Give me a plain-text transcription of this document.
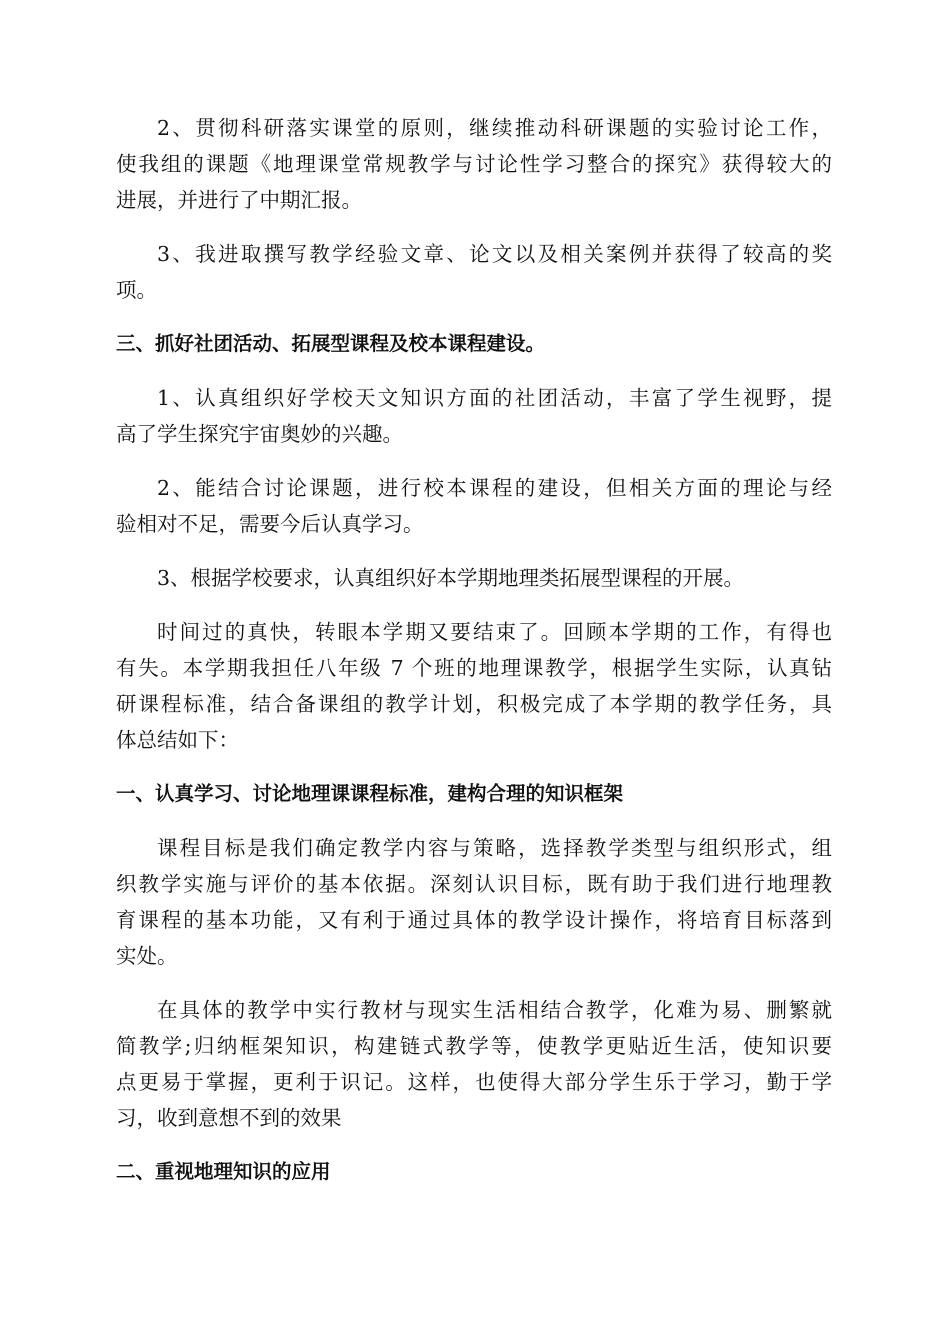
2、贯彻科研落实课堂的原则，继续推动科研课题的实验讨论工作，
使我组的课题《地理课堂常规教学与讨论性学习整合的探究》获得较大的
进展，并进行了中期汇报。
3、我进取撰写教学经验文章、论文以及相关案例并获得了较高的奖
项。
三、抓好社团活动、拓展型课程及校本课程建设。
1、认真组织好学校天文知识方面的社团活动，丰富了学生视野，提
高了学生探究宇宙奥妙的兴趣。
2、能结合讨论课题，进行校本课程的建设，但相关方面的理论与经
验相对不足，需要今后认真学习。
3、根据学校要求，认真组织好本学期地理类拓展型课程的开展。
时间过的真快，转眼本学期又要结束了。回顾本学期的工作，有得也
有失。本学期我担任八年级 7 个班的地理课教学，根据学生实际，认真钻
研课程标准，结合备课组的教学计划，积极完成了本学期的教学任务，具
体总结如下：
一、认真学习、讨论地理课课程标准，建构合理的知识框架
课程目标是我们确定教学内容与策略，选择教学类型与组织形式，组
织教学实施与评价的基本依据。深刻认识目标，既有助于我们进行地理教
育课程的基本功能，又有利于通过具体的教学设计操作，将培育目标落到
实处。
在具体的教学中实行教材与现实生活相结合教学，化难为易、删繁就
简教学;归纳框架知识，构建链式教学等，使教学更贴近生活，使知识要
点更易于掌握，更利于识记。这样，也使得大部分学生乐于学习，勤于学
习，收到意想不到的效果
二、重视地理知识的应用
